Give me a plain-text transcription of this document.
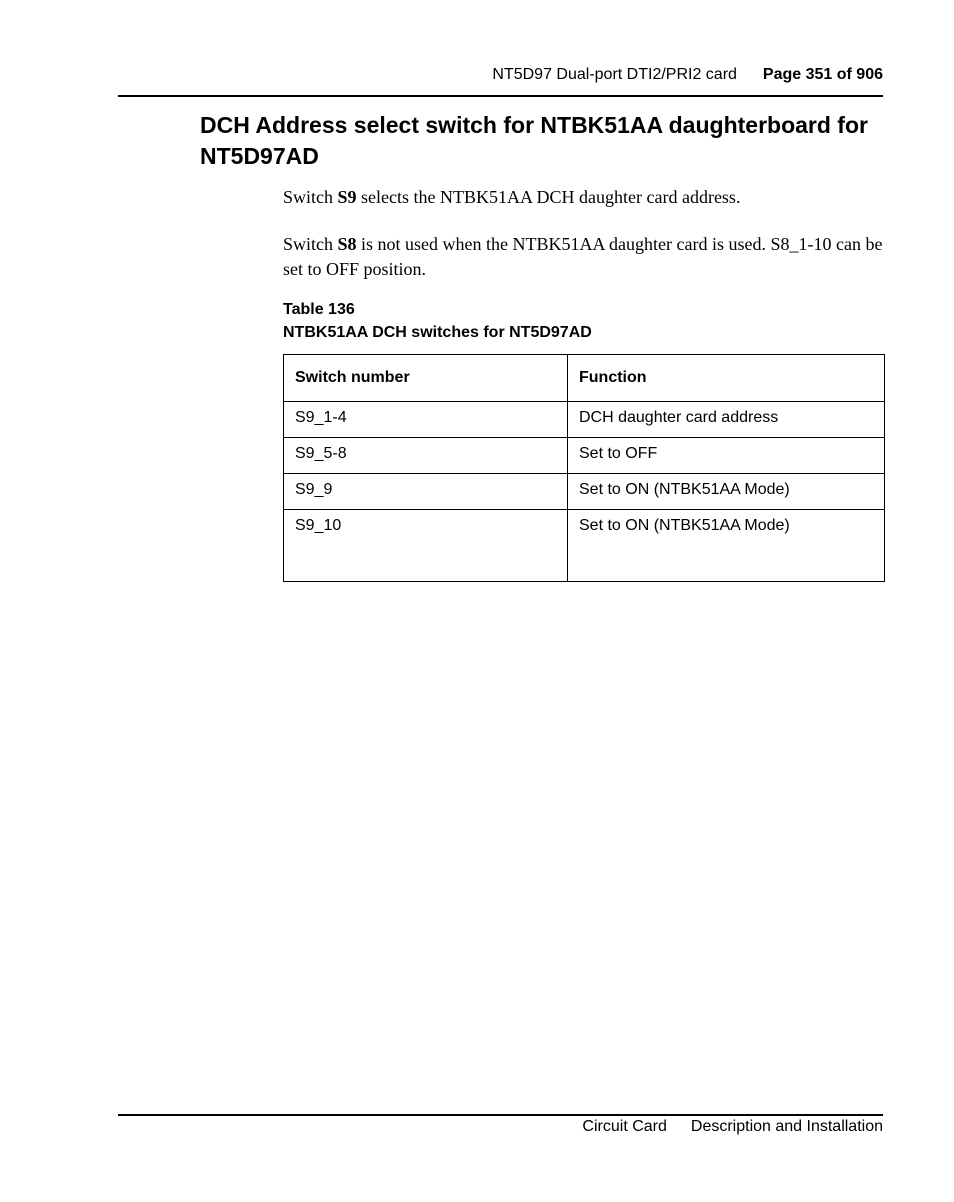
NT5D97 Dual-port DTI2/PRI2 card Page 351 of 906
DCH Address select switch for NTBK51AA daughterboard for NT5D97AD

Switch S9 selects the NTBK51AA DCH daughter card address.

Switch S8 is not used when the NTBK51AA daughter card is used. S8_1-10 can be set to OFF position.

Table 136
NTBK51AA DCH switches for NT5D97AD
Switch number	Function
S9_1-4	DCH daughter card address
S9_5-8	Set to OFF
S9_9	Set to ON (NTBK51AA Mode)
S9_10	Set to ON (NTBK51AA Mode)
Circuit Card Description and Installation
